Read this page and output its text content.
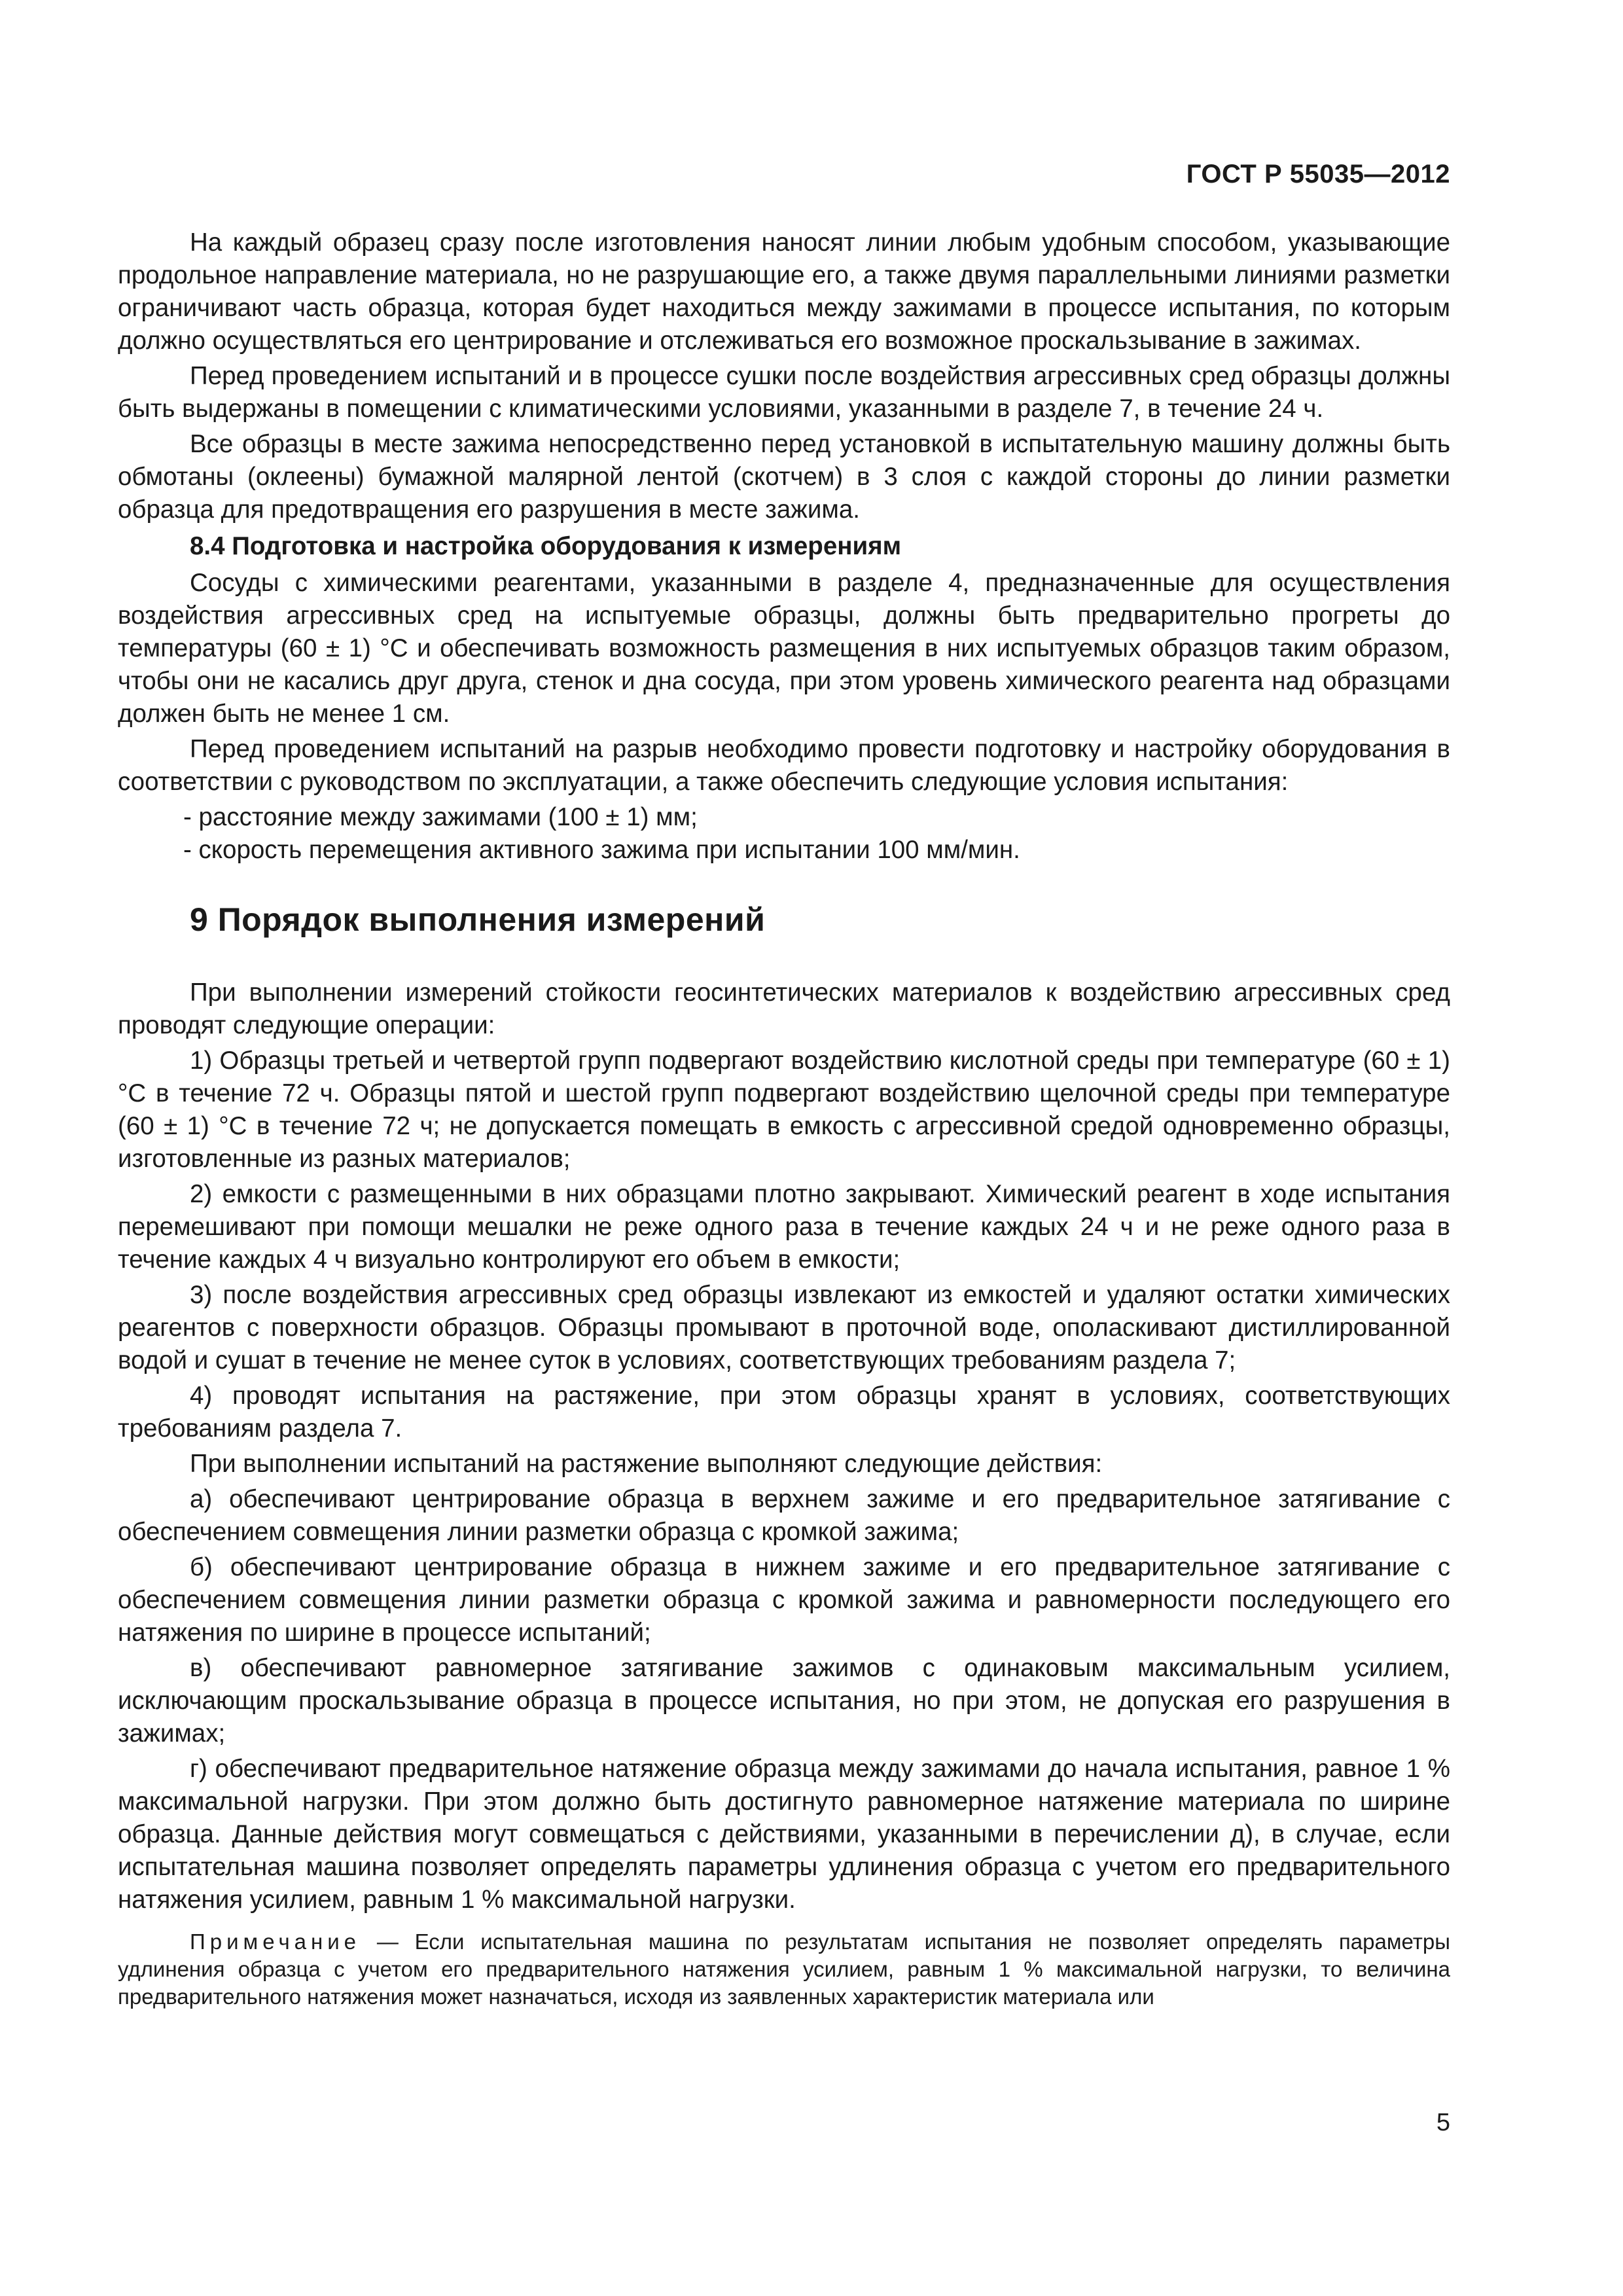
ГОСТ Р 55035—2012

На каждый образец сразу после изготовления наносят линии любым удобным способом, указывающие продольное направление материала, но не разрушающие его, а также двумя параллельными линиями разметки ограничивают часть образца, которая будет находиться между зажимами в процессе испытания, по которым должно осуществляться его центрирование и отслеживаться его возможное проскальзывание в зажимах.

Перед проведением испытаний и в процессе сушки после воздействия агрессивных сред образцы должны быть выдержаны в помещении с климатическими условиями, указанными в разделе 7, в течение 24 ч.

Все образцы в месте зажима непосредственно перед установкой в испытательную машину должны быть обмотаны (оклеены) бумажной малярной лентой (скотчем) в 3 слоя с каждой стороны до линии разметки образца для предотвращения его разрушения в месте зажима.

8.4 Подготовка и настройка оборудования к измерениям

Сосуды с химическими реагентами, указанными в разделе 4, предназначенные для осуществления воздействия агрессивных сред на испытуемые образцы, должны быть предварительно прогреты до температуры (60 ± 1) °С и обеспечивать возможность размещения в них испытуемых образцов таким образом, чтобы они не касались друг друга, стенок и дна сосуда, при этом уровень химического реагента над образцами должен быть не менее 1 см.

Перед проведением испытаний на разрыв необходимо провести подготовку и настройку оборудования в соответствии с руководством по эксплуатации, а также обеспечить следующие условия испытания:

- расстояние между зажимами (100 ± 1) мм;

- скорость перемещения активного зажима при испытании 100 мм/мин.

9 Порядок выполнения измерений

При выполнении измерений стойкости геосинтетических материалов к воздействию агрессивных сред проводят следующие операции:

1) Образцы третьей и четвертой групп подвергают воздействию кислотной среды при температуре (60 ± 1) °С в течение 72 ч. Образцы пятой и шестой групп подвергают воздействию щелочной среды при температуре (60 ± 1) °С в течение 72 ч; не допускается помещать в емкость с агрессивной средой одновременно образцы, изготовленные из разных материалов;

2) емкости с размещенными в них образцами плотно закрывают. Химический реагент в ходе испытания перемешивают при помощи мешалки не реже одного раза в течение каждых 24 ч и не реже одного раза в течение каждых 4 ч визуально контролируют его объем в емкости;

3) после воздействия агрессивных сред образцы извлекают из емкостей и удаляют остатки химических реагентов с поверхности образцов. Образцы промывают в проточной воде, ополаскивают дистиллированной водой и сушат в течение не менее суток в условиях, соответствующих требованиям раздела 7;

4) проводят испытания на растяжение, при этом образцы хранят в условиях, соответствующих требованиям раздела 7.

При выполнении испытаний на растяжение выполняют следующие действия:

а) обеспечивают центрирование образца в верхнем зажиме и его предварительное затягивание с обеспечением совмещения линии разметки образца с кромкой зажима;

б) обеспечивают центрирование образца в нижнем зажиме и его предварительное затягивание с обеспечением совмещения линии разметки образца с кромкой зажима и равномерности последующего его натяжения по ширине в процессе испытаний;

в) обеспечивают равномерное затягивание зажимов с одинаковым максимальным усилием, исключающим проскальзывание образца в процессе испытания, но при этом, не допуская его разрушения в зажимах;

г) обеспечивают предварительное натяжение образца между зажимами до начала испытания, равное 1 % максимальной нагрузки. При этом должно быть достигнуто равномерное натяжение материала по ширине образца. Данные действия могут совмещаться с действиями, указанными в перечислении д), в случае, если испытательная машина позволяет определять параметры удлинения образца с учетом его предварительного натяжения усилием, равным 1 % максимальной нагрузки.

Примечание — Если испытательная машина по результатам испытания не позволяет определять параметры удлинения образца с учетом его предварительного натяжения усилием, равным 1 % максимальной нагрузки, то величина предварительного натяжения может назначаться, исходя из заявленных характеристик материала или

5
